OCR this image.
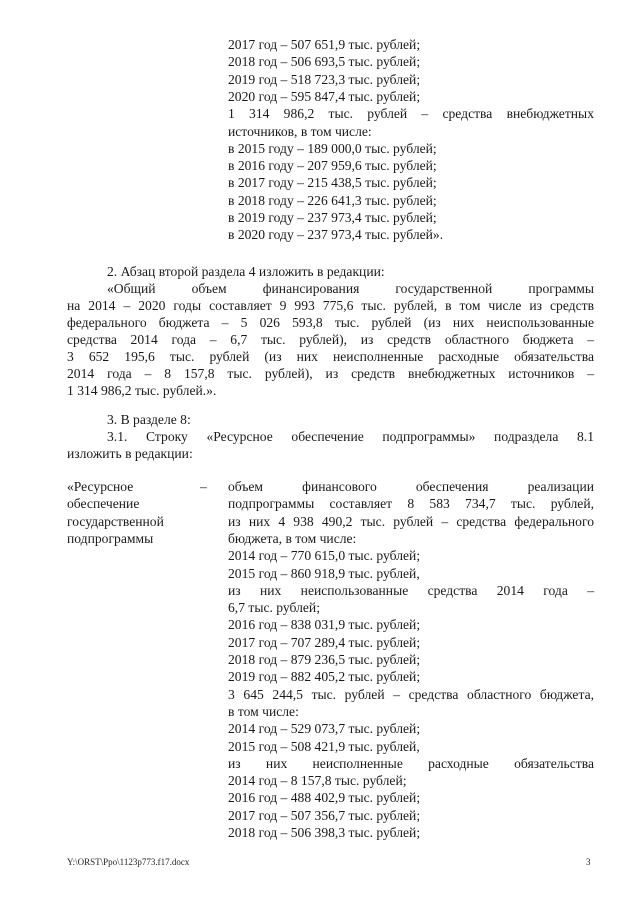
2017 год – 507 651,9 тыс. рублей;
2018 год – 506 693,5 тыс. рублей;
2019 год – 518 723,3 тыс. рублей;
2020 год – 595 847,4 тыс. рублей;
1 314 986,2 тыс. рублей – средства внебюджетных
источников, в том числе:
в 2015 году – 189 000,0 тыс. рублей;
в 2016 году – 207 959,6 тыс. рублей;
в 2017 году – 215 438,5 тыс. рублей;
в 2018 году – 226 641,3 тыс. рублей;
в 2019 году – 237 973,4 тыс. рублей;
в 2020 году – 237 973,4 тыс. рублей».
2. Абзац второй раздела 4 изложить в редакции:
«Общий объем финансирования государственной программы
на 2014 – 2020 годы составляет 9 993 775,6 тыс. рублей, в том числе из средств
федерального бюджета – 5 026 593,8 тыс. рублей (из них неиспользованные
средства 2014 года – 6,7 тыс. рублей), из средств областного бюджета –
3 652 195,6 тыс. рублей (из них неисполненные расходные обязательства
2014 года – 8 157,8 тыс. рублей), из средств внебюджетных источников –
1 314 986,2 тыс. рублей.».
3. В разделе 8:
3.1. Строку «Ресурсное обеспечение подпрограммы» подраздела 8.1
изложить в редакции:
«Ресурсное
обеспечение
государственной
подпрограммы
– объем финансового обеспечения реализации
подпрограммы составляет 8 583 734,7 тыс. рублей,
из них 4 938 490,2 тыс. рублей – средства федерального
бюджета, в том числе:
2014 год – 770 615,0 тыс. рублей;
2015 год – 860 918,9 тыс. рублей,
из них неиспользованные средства 2014 года –
6,7 тыс. рублей;
2016 год – 838 031,9 тыс. рублей;
2017 год – 707 289,4 тыс. рублей;
2018 год – 879 236,5 тыс. рублей;
2019 год – 882 405,2 тыс. рублей;
3 645 244,5 тыс. рублей – средства областного бюджета,
в том числе:
2014 год – 529 073,7 тыс. рублей;
2015 год – 508 421,9 тыс. рублей,
из них неисполненные расходные обязательства
2014 год – 8 157,8 тыс. рублей;
2016 год – 488 402,9 тыс. рублей;
2017 год – 507 356,7 тыс. рублей;
2018 год – 506 398,3 тыс. рублей;
Y:\ORST\Ppo\1123p773.f17.docx	3
